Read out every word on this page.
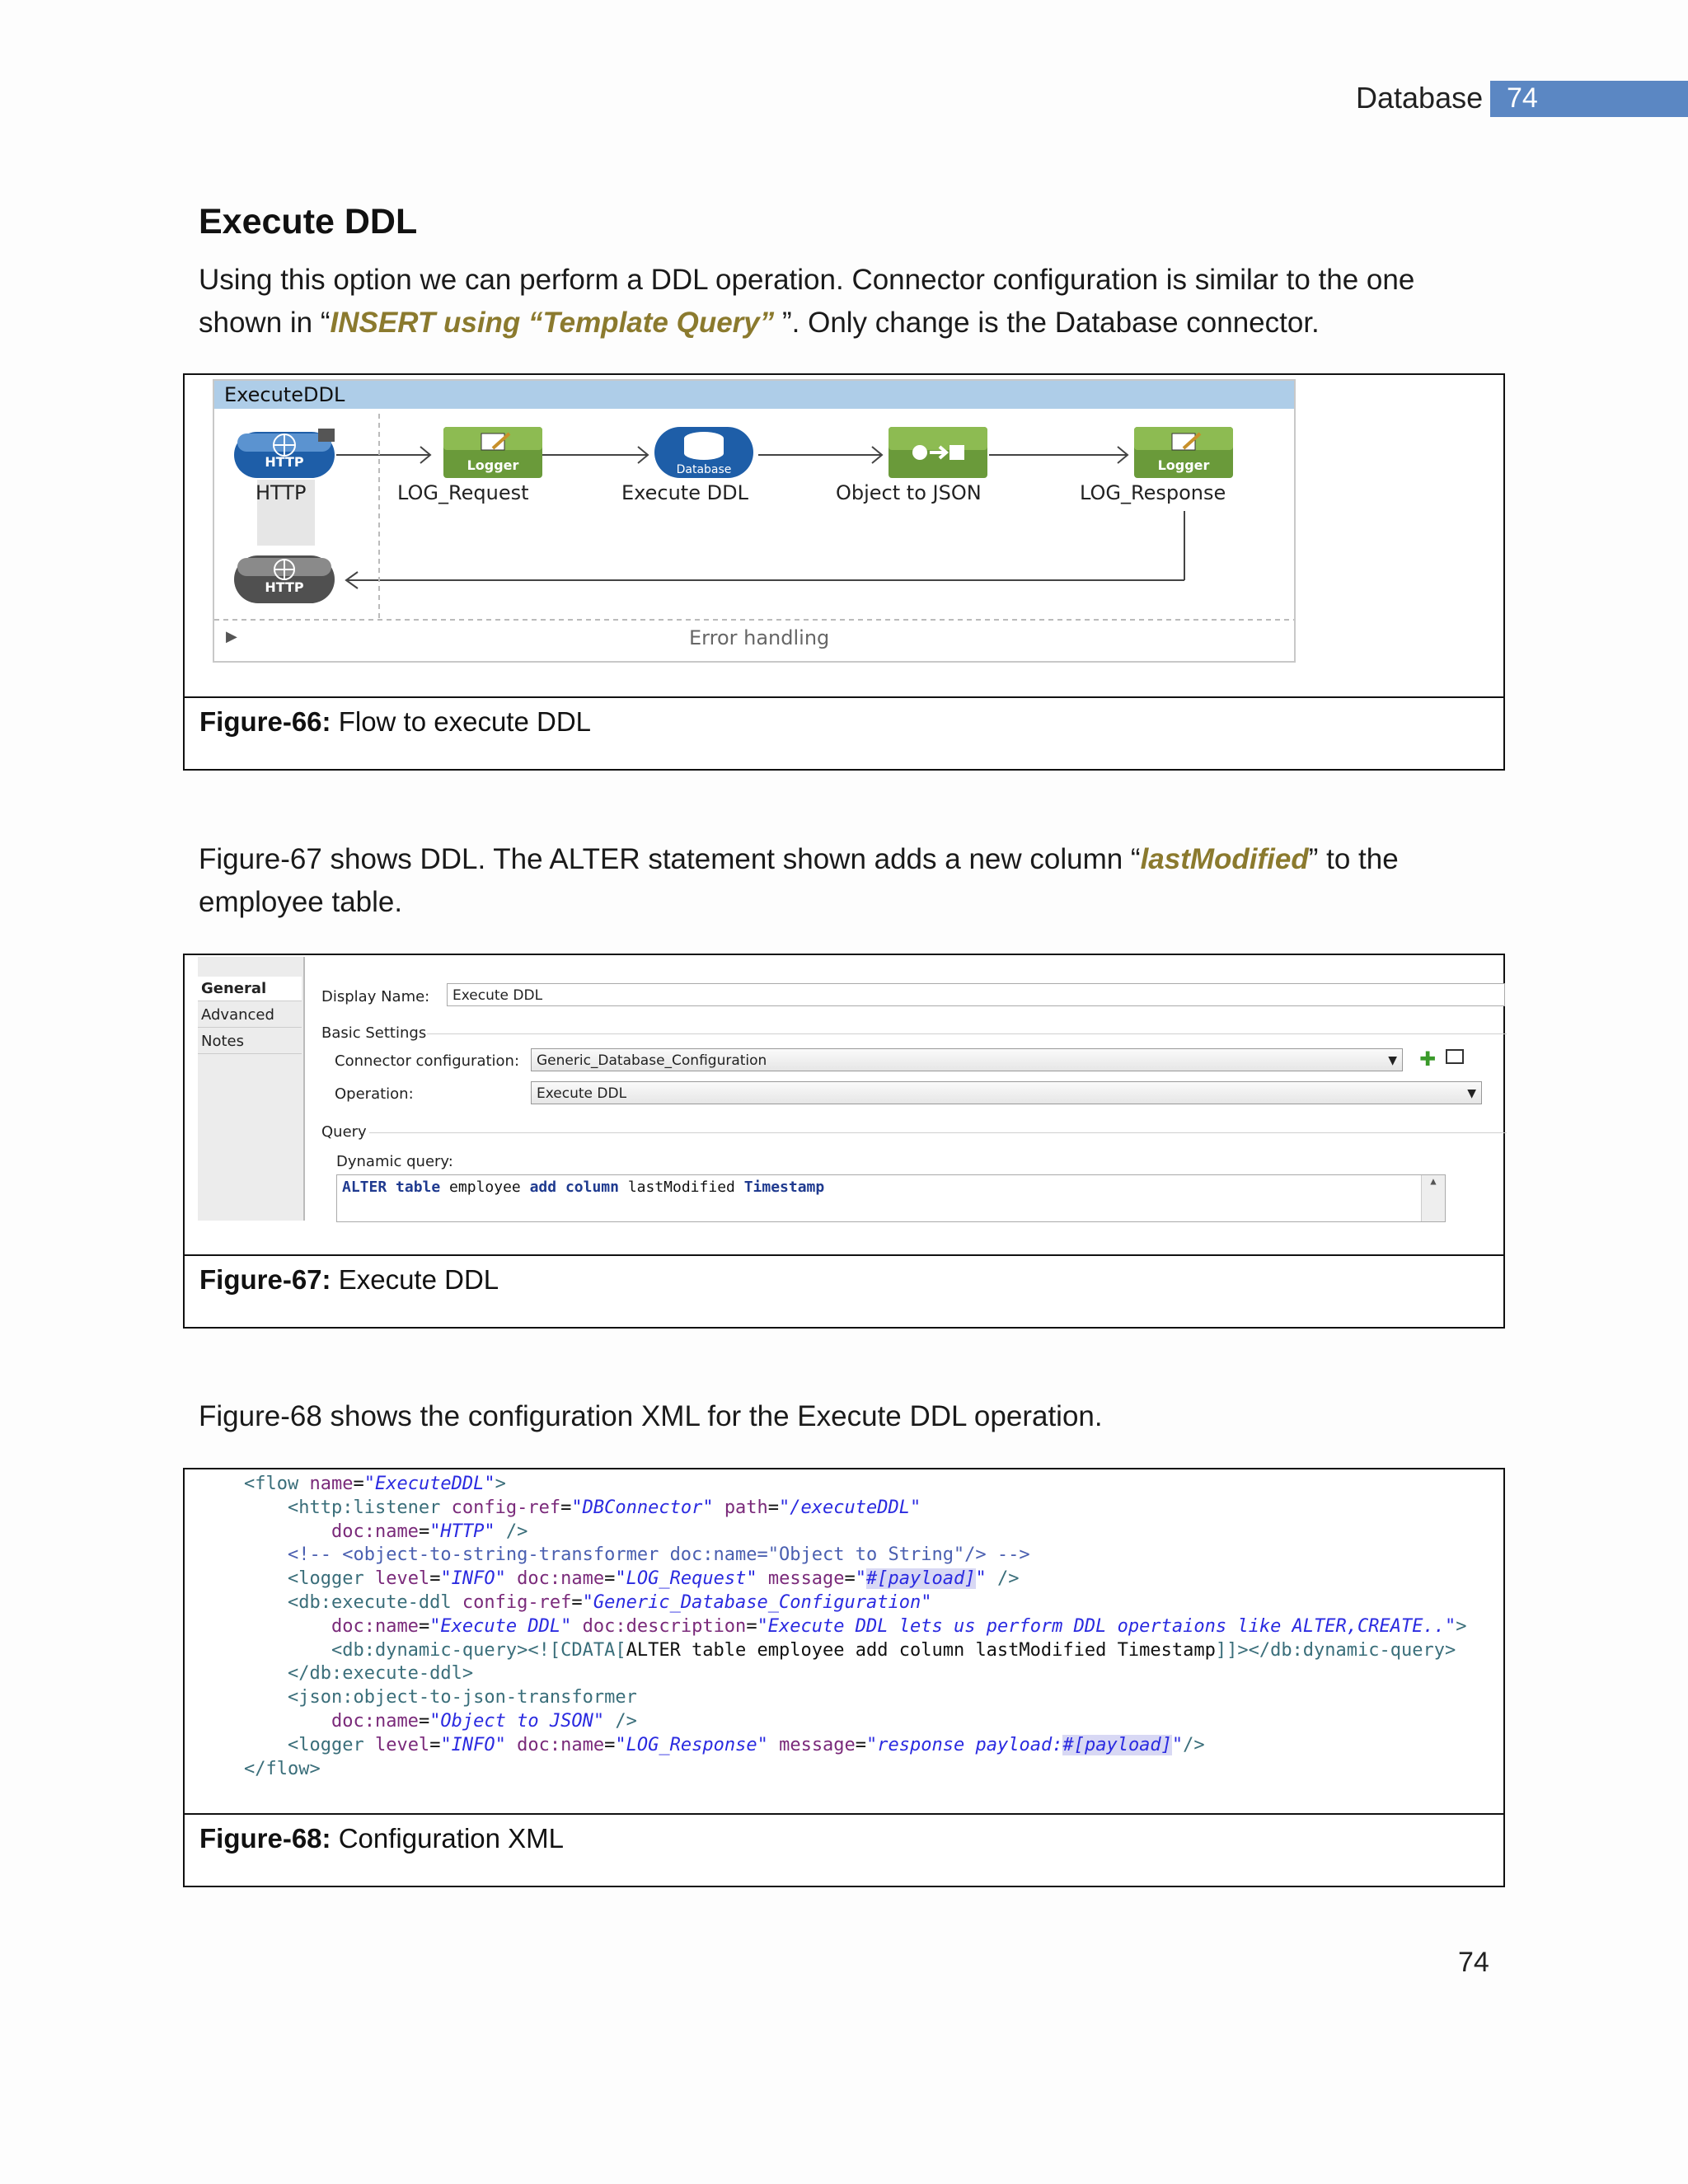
Database 74
Execute DDL
Using this option we can perform a DDL operation. Connector configuration is similar to the one shown in “INSERT using “Template Query” ”. Only change is the Database connector.
ExecuteDDL
HTTP
HTTP
Logger
LOG_Request
Database
Execute DDL	Object to JSON
Logger
LOG_Response
HTTP
▶	Error handling
Figure-66: Flow to execute DDL
Figure-67 shows DDL. The ALTER statement shown adds a new column “lastModified” to the employee table.
General
Advanced
Notes
Display Name:	Execute DDL
Basic Settings
Connector configuration:	Generic_Database_Configuration	▼ ✚
Operation:	Execute DDL	▼
Query
Dynamic query:
ALTER table employee add column lastModified Timestamp	▲
Figure-67: Execute DDL
Figure-68 shows the configuration XML for the Execute DDL operation.
<flow name="ExecuteDDL">
<http:listener config-ref="DBConnector" path="/executeDDL"
doc:name="HTTP" />
<!-- <object-to-string-transformer doc:name="Object to String"/> -->
<logger level="INFO" doc:name="LOG_Request" message="#[payload]" />
<db:execute-ddl config-ref="Generic_Database_Configuration"
doc:name="Execute DDL" doc:description="Execute DDL lets us perform DDL opertaions like ALTER,CREATE..">
<db:dynamic-query><![CDATA[ALTER table employee add column lastModified Timestamp]]></db:dynamic-query>
</db:execute-ddl>
<json:object-to-json-transformer
doc:name="Object to JSON" />
<logger level="INFO" doc:name="LOG_Response" message="response payload:#[payload]"/>
</flow>
Figure-68: Configuration XML
74
